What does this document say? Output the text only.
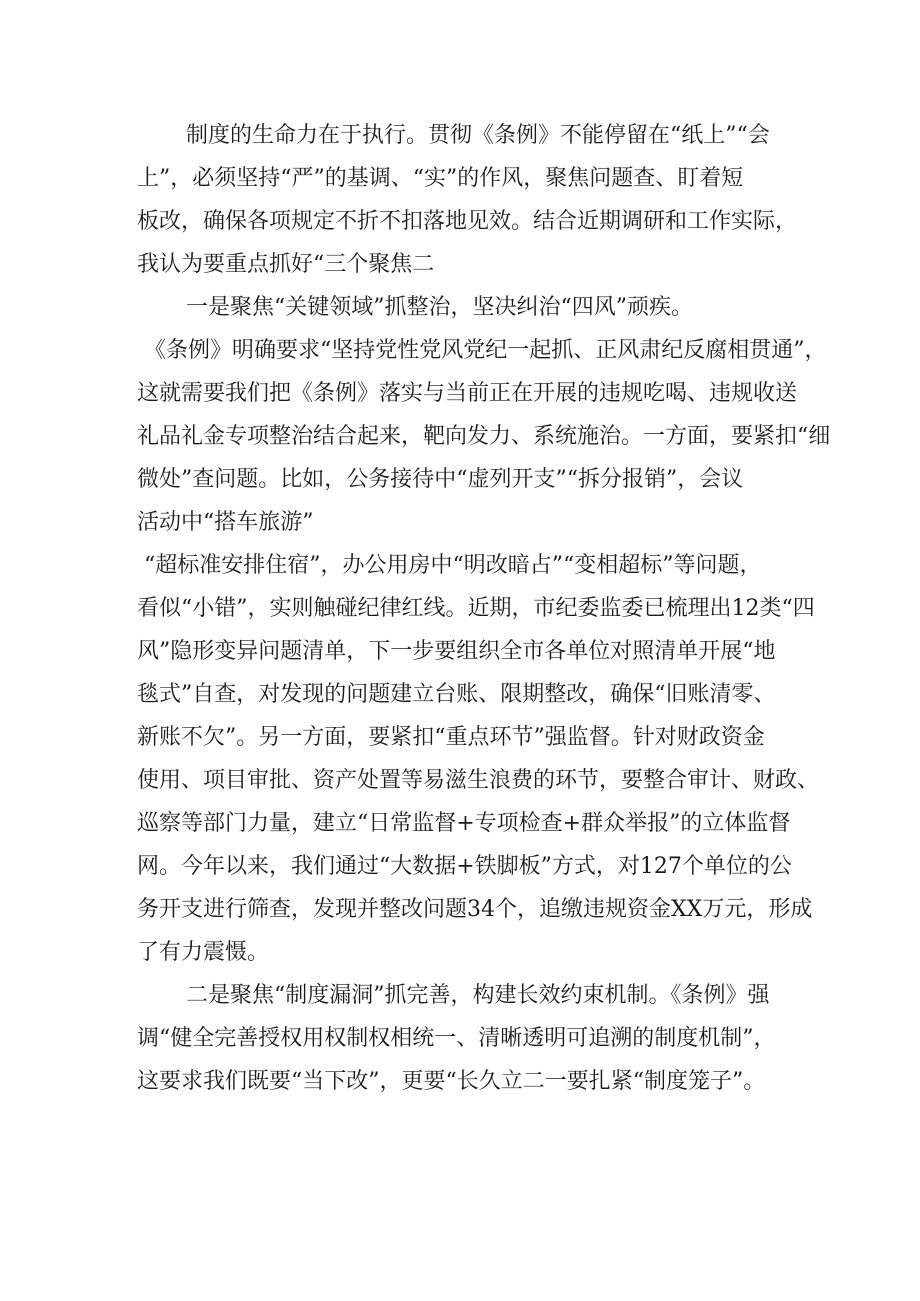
制度的生命力在于执行。贯彻《条例》不能停留在“纸上”“会
上”，必须坚持“严”的基调、“实”的作风，聚焦问题查、盯着短
板改，确保各项规定不折不扣落地见效。结合近期调研和工作实际，
我认为要重点抓好“三个聚焦二
一是聚焦“关键领域”抓整治，坚决纠治“四风”顽疾。
《条例》明确要求“坚持党性党风党纪一起抓、正风肃纪反腐相贯通”，
这就需要我们把《条例》落实与当前正在开展的违规吃喝、违规收送
礼品礼金专项整治结合起来，靶向发力、系统施治。一方面，要紧扣“细
微处”查问题。比如，公务接待中“虚列开支”“拆分报销”，会议
活动中“搭车旅游”
“超标准安排住宿”，办公用房中“明改暗占”“变相超标”等问题，
看似“小错”，实则触碰纪律红线。近期，市纪委监委已梳理出12类“四
风”隐形变异问题清单，下一步要组织全市各单位对照清单开展“地
毯式”自查，对发现的问题建立台账、限期整改，确保“旧账清零、
新账不欠”。另一方面，要紧扣“重点环节”强监督。针对财政资金
使用、项目审批、资产处置等易滋生浪费的环节，要整合审计、财政、
巡察等部门力量，建立“日常监督+专项检查+群众举报”的立体监督
网。今年以来，我们通过“大数据+铁脚板”方式，对127个单位的公
务开支进行筛查，发现并整改问题34个，追缴违规资金XX万元，形成
了有力震慑。
二是聚焦“制度漏洞”抓完善，构建长效约束机制。《条例》强
调“健全完善授权用权制权相统一、清晰透明可追溯的制度机制”，
这要求我们既要“当下改”，更要“长久立二一要扎紧“制度笼子”。
